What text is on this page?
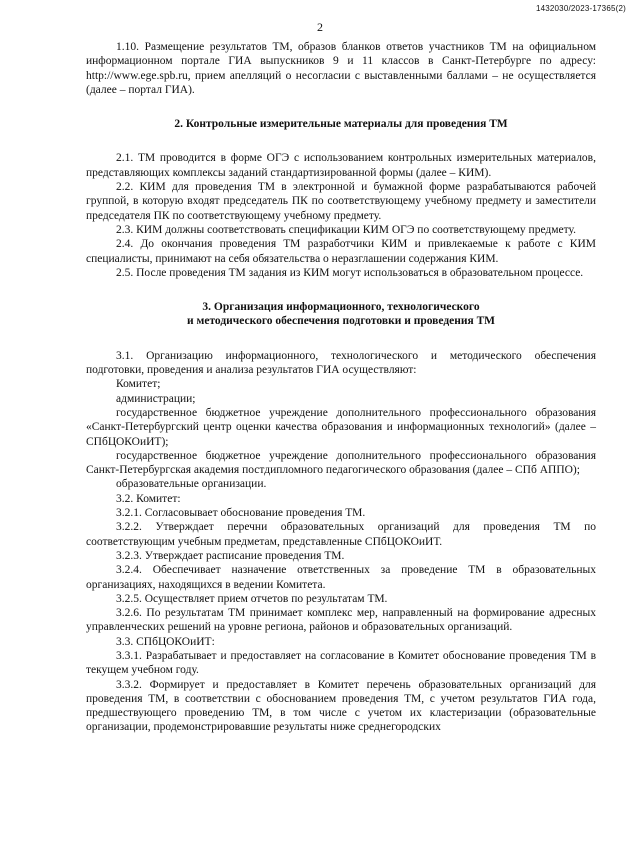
1432030/2023-17365(2)
2

1.10. Размещение результатов ТМ, образов бланков ответов участников ТМ на официальном информационном портале ГИА выпускников 9 и 11 классов в Санкт-Петербурге по адресу: http://www.ege.spb.ru, прием апелляций о несогласии с выставленными баллами – не осуществляется (далее – портал ГИА).

2. Контрольные измерительные материалы для проведения ТМ

2.1. ТМ проводится в форме ОГЭ с использованием контрольных измерительных материалов, представляющих комплексы заданий стандартизированной формы (далее – КИМ).

2.2. КИМ для проведения ТМ в электронной и бумажной форме разрабатываются рабочей группой, в которую входят председатель ПК по соответствующему учебному предмету и заместители председателя ПК по соответствующему учебному предмету.

2.3. КИМ должны соответствовать спецификации КИМ ОГЭ по соответствующему предмету.

2.4. До окончания проведения ТМ разработчики КИМ и привлекаемые к работе с КИМ специалисты, принимают на себя обязательства о неразглашении содержания КИМ.

2.5. После проведения ТМ задания из КИМ могут использоваться в образовательном процессе.

3. Организация информационного, технологического

и методического обеспечения подготовки и проведения ТМ

3.1. Организацию информационного, технологического и методического обеспечения подготовки, проведения и анализа результатов ГИА осуществляют:

Комитет;

администрации;

государственное бюджетное учреждение дополнительного профессионального образования «Санкт-Петербургский центр оценки качества образования и информационных технологий» (далее – СПбЦОКОиИТ);

государственное бюджетное учреждение дополнительного профессионального образования Санкт-Петербургская академия постдипломного педагогического образования (далее – СПб АППО);

образовательные организации.

3.2. Комитет:

3.2.1. Согласовывает обоснование проведения ТМ.

3.2.2. Утверждает перечни образовательных организаций для проведения ТМ по соответствующим учебным предметам, представленные СПбЦОКОиИТ.

3.2.3. Утверждает расписание проведения ТМ.

3.2.4. Обеспечивает назначение ответственных за проведение ТМ в образовательных организациях, находящихся в ведении Комитета.

3.2.5. Осуществляет прием отчетов по результатам ТМ.

3.2.6. По результатам ТМ принимает комплекс мер, направленный на формирование адресных управленческих решений на уровне региона, районов и образовательных организаций.

3.3. СПбЦОКОиИТ:

3.3.1. Разрабатывает и предоставляет на согласование в Комитет обоснование проведения ТМ в текущем учебном году.

3.3.2. Формирует и предоставляет в Комитет перечень образовательных организаций для проведения ТМ, в соответствии с обоснованием проведения ТМ, с учетом результатов ГИА года, предшествующего проведению ТМ, в том числе с учетом их кластеризации (образовательные организации, продемонстрировавшие результаты ниже среднегородских
